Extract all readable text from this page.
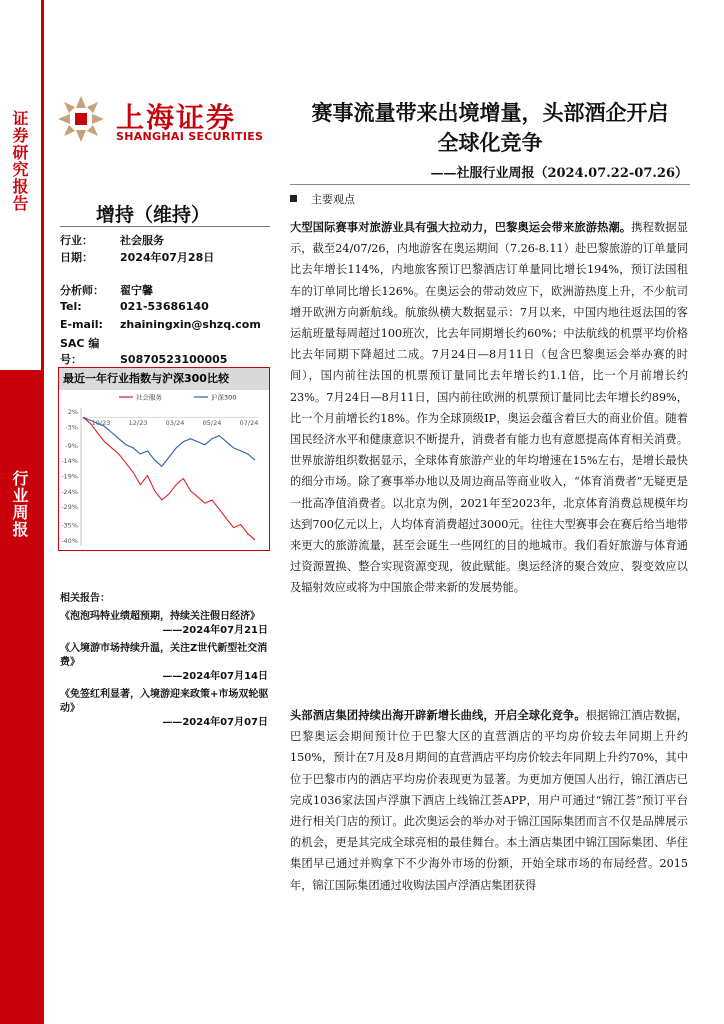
证券研究报告
行业周报
上海证券
SHANGHAI SECURITIES
赛事流量带来出境增量，头部酒企开启
全球化竞争
——社服行业周报（2024.07.22-07.26）
增持（维持）
行业： 社会服务
日期： 2024年07月28日
分析师： 翟宁馨
Tel:	021-53686140
E-mail: zhainingxin@shzq.com
SAC 编号：	S0870523100005
最近一年行业指数与沪深300比较
2%
-3%
-9%
-14%
-19%
-24%
-29%
-35%
-40%
10/23	12/23	03/24	05/24	07/24
社会服务	沪深300
相关报告：
《泡泡玛特业绩超预期，持续关注假日经济》
——2024年07月21日
《入境游市场持续升温，关注Z世代新型社交消费》
——2024年07月14日
《免签红利显著，入境游迎来政策+市场双轮驱动》
——2024年07月07日
主要观点
大型国际赛事对旅游业具有强大拉动力，巴黎奥运会带来旅游热潮。携程数据显示，截至24/07/26，内地游客在奥运期间（7.26-8.11）赴巴黎旅游的订单量同比去年增长114%，内地旅客预订巴黎酒店订单量同比增长194%，预订法国租车的订单同比增长126%。在奥运会的带动效应下，欧洲游热度上升，不少航司增开欧洲方向新航线。航旅纵横大数据显示：7月以来，中国内地往返法国的客运航班量每周超过100班次，比去年同期增长约60%；中法航线的机票平均价格比去年同期下降超过二成。7月24日—8月11日（包含巴黎奥运会举办赛的时间），国内前往法国的机票预订量同比去年增长约1.1倍，比一个月前增长约23%。7月24日—8月11日，国内前往欧洲的机票预订量同比去年增长约89%，比一个月前增长约18%。作为全球顶级IP，奥运会蕴含着巨大的商业价值。随着国民经济水平和健康意识不断提升，消费者有能力也有意愿提高体育相关消费。世界旅游组织数据显示，全球体育旅游产业的年均增速在15%左右，是增长最快的细分市场。除了赛事举办地以及周边商品等商业收入，“体育消费者”无疑更是一批高净值消费者。以北京为例，2021年至2023年，北京体育消费总规模年均达到700亿元以上，人均体育消费超过3000元。往往大型赛事会在赛后给当地带来更大的旅游流量，甚至会诞生一些网红的目的地城市。我们看好旅游与体育通过资源置换、整合实现资源变现，彼此赋能。奥运经济的聚合效应、裂变效应以及辐射效应或将为中国旅企带来新的发展势能。
头部酒店集团持续出海开辟新增长曲线，开启全球化竞争。根据锦江酒店数据，巴黎奥运会期间预计位于巴黎大区的直营酒店的平均房价较去年同期上升约150%，预计在7月及8月期间的直营酒店平均房价较去年同期上升约70%，其中位于巴黎市内的酒店平均房价表现更为显著。为更加方便国人出行，锦江酒店已完成1036家法国卢浮旗下酒店上线锦江荟APP，用户可通过“锦江荟”预订平台进行相关门店的预订。此次奥运会的举办对于锦江国际集团而言不仅是品牌展示的机会，更是其完成全球亮相的最佳舞台。本土酒店集团中锦江国际集团、华住集团早已通过并购拿下不少海外市场的份额，开始全球市场的布局经营。2015年，锦江国际集团通过收购法国卢浮酒店集团获得
